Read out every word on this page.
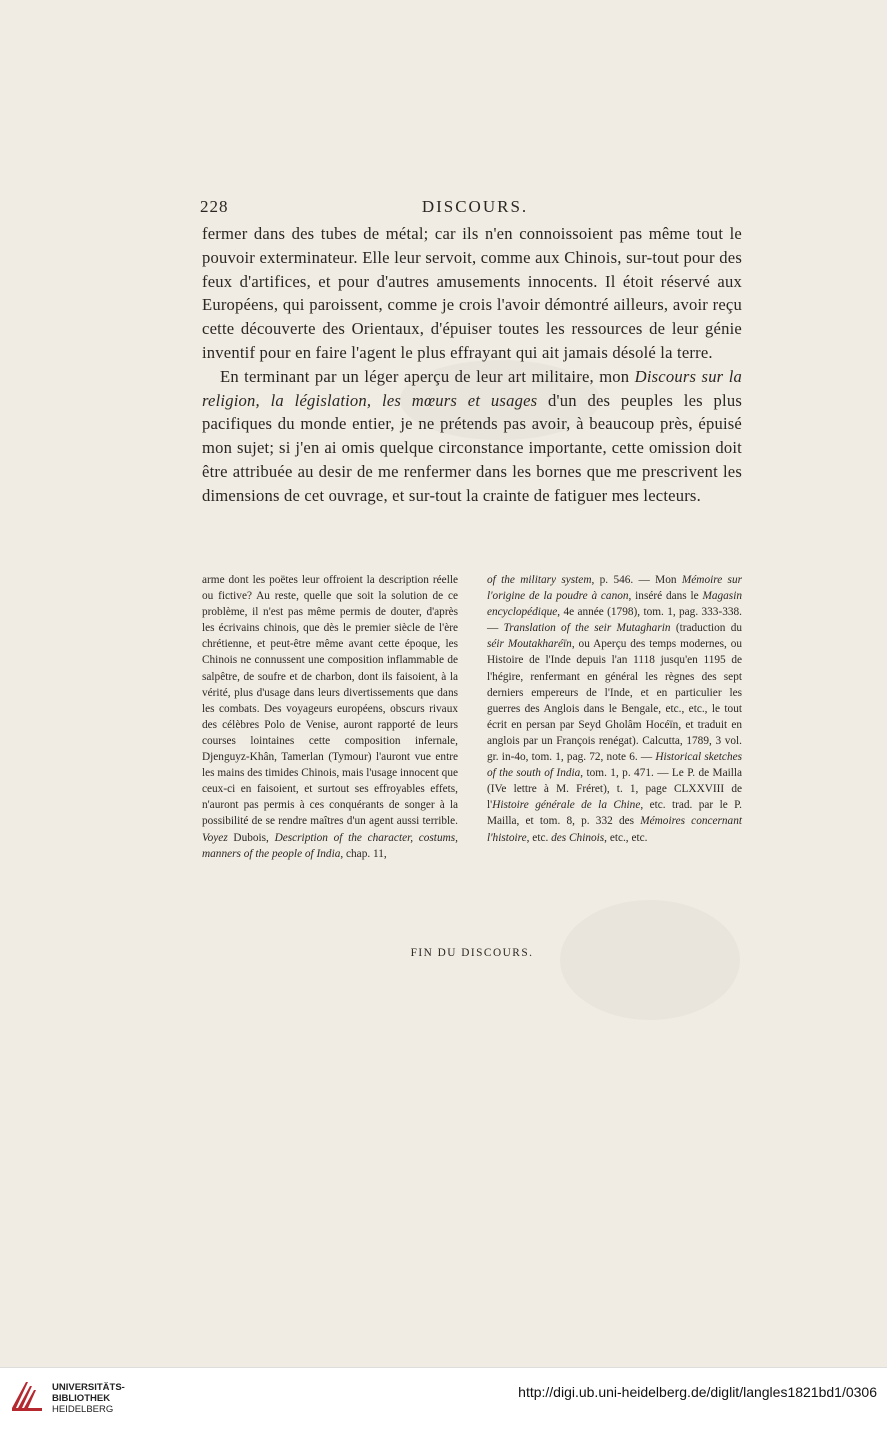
228	DISCOURS.

fermer dans des tubes de métal; car ils n'en connoissoient pas même tout le pouvoir exterminateur. Elle leur servoit, comme aux Chinois, sur-tout pour des feux d'artifices, et pour d'autres amusements innocents. Il étoit réservé aux Européens, qui paroissent, comme je crois l'avoir démontré ailleurs, avoir reçu cette découverte des Orientaux, d'épuiser toutes les ressources de leur génie inventif pour en faire l'agent le plus effrayant qui ait jamais désolé la terre.

En terminant par un léger aperçu de leur art militaire, mon Discours sur la religion, la législation, les mœurs et usages d'un des peuples les plus pacifiques du monde entier, je ne prétends pas avoir, à beaucoup près, épuisé mon sujet; si j'en ai omis quelque circonstance importante, cette omission doit être attribuée au desir de me renfermer dans les bornes que me prescrivent les dimensions de cet ouvrage, et sur-tout la crainte de fatiguer mes lecteurs.

arme dont les poëtes leur offroient la description réelle ou fictive? Au reste, quelle que soit la solution de ce problème, il n'est pas même permis de douter, d'après les écrivains chinois, que dès le premier siècle de l'ère chrétienne, et peut-être même avant cette époque, les Chinois ne connussent une composition inflammable de salpêtre, de soufre et de charbon, dont ils faisoient, à la vérité, plus d'usage dans leurs divertissements que dans les combats. Des voyageurs européens, obscurs rivaux des célèbres Polo de Venise, auront rapporté de leurs courses lointaines cette composition infernale, Djenguyz-Khân, Tamerlan (Tymour) l'auront vue entre les mains des timides Chinois, mais l'usage innocent que ceux-ci en faisoient, et surtout ses effroyables effets, n'auront pas permis à ces conquérants de songer à la possibilité de se rendre maîtres d'un agent aussi terrible. Voyez Dubois, Description of the character, costums, manners of the people of India, chap. 11,

of the military system, p. 546. — Mon Mémoire sur l'origine de la poudre à canon, inséré dans le Magasin encyclopédique, 4e année (1798), tom. 1, pag. 333-338. — Translation of the seir Mutagharin (traduction du séir Moutakharéïn, ou Aperçu des temps modernes, ou Histoire de l'Inde depuis l'an 1118 jusqu'en 1195 de l'hégire, renfermant en général les règnes des sept derniers empereurs de l'Inde, et en particulier les guerres des Anglois dans le Bengale, etc., etc., le tout écrit en persan par Seyd Gholâm Hocéïn, et traduit en anglois par un François renégat). Calcutta, 1789, 3 vol. gr. in-4o, tom. 1, pag. 72, note 6. — Historical sketches of the south of India, tom. 1, p. 471. — Le P. de Mailla (IVe lettre à M. Fréret), t. 1, page CLXXVIII de l'Histoire générale de la Chine, etc. trad. par le P. Mailla, et tom. 8, p. 332 des Mémoires concernant l'histoire, etc. des Chinois, etc., etc.

FIN DU DISCOURS.
UNIVERSITÄTS-
BIBLIOTHEK
HEIDELBERG
http://digi.ub.uni-heidelberg.de/diglit/langles1821bd1/0306
